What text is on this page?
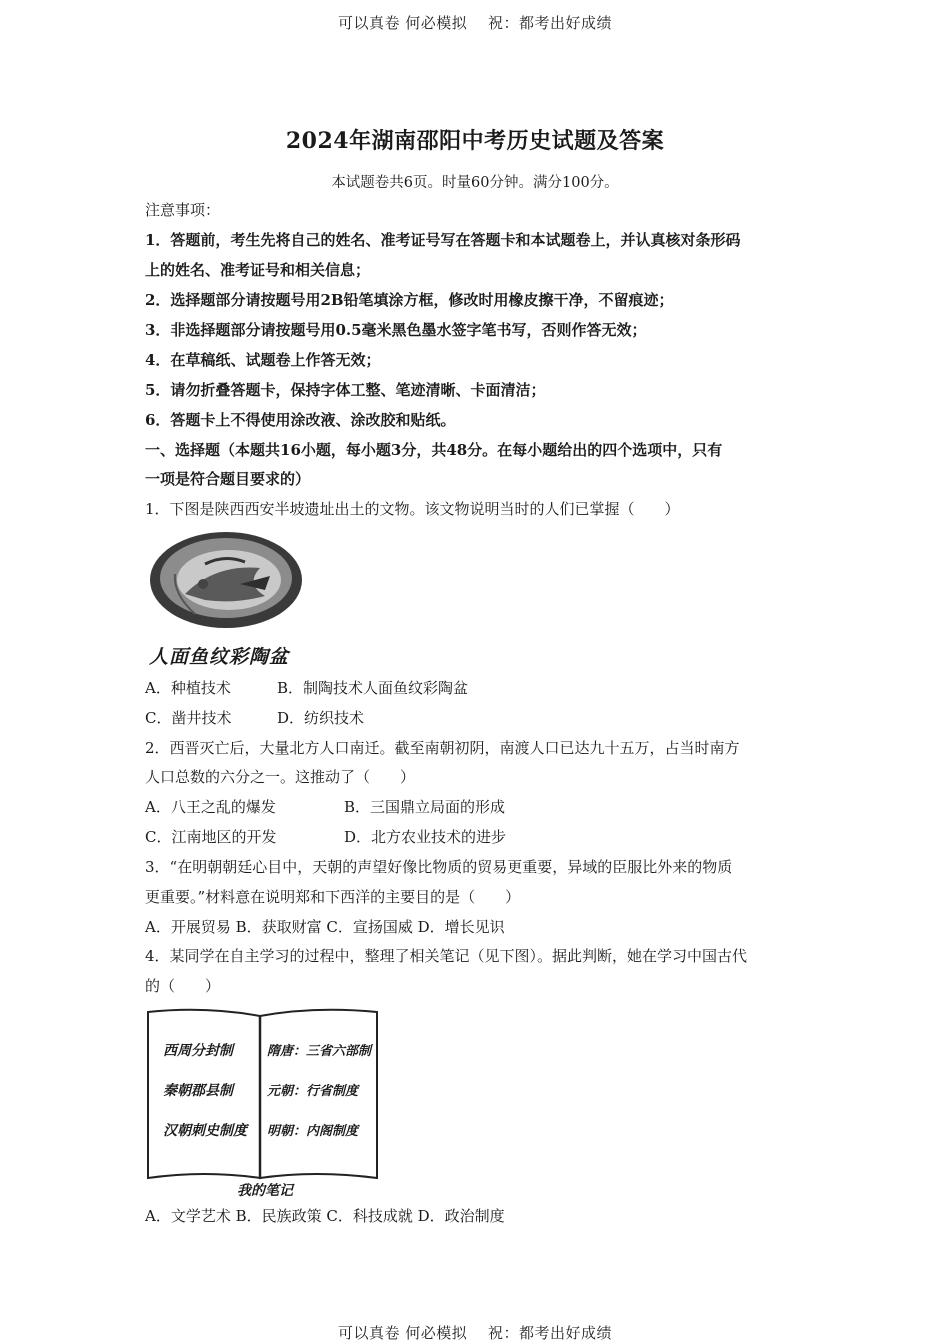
可以真卷 何必模拟　 祝：都考出好成绩
2024年湖南邵阳中考历史试题及答案
本试题卷共6页。时量60分钟。满分100分。
注意事项：
1．答题前，考生先将自己的姓名、准考证号写在答题卡和本试题卷上，并认真核对条形码
上的姓名、准考证号和相关信息；
2．选择题部分请按题号用2B铅笔填涂方框，修改时用橡皮擦干净，不留痕迹；
3．非选择题部分请按题号用0.5毫米黑色墨水签字笔书写，否则作答无效；
4．在草稿纸、试题卷上作答无效；
5．请勿折叠答题卡，保持字体工整、笔迹清晰、卡面清洁；
6．答题卡上不得使用涂改液、涂改胶和贴纸。
一、选择题（本题共16小题，每小题3分，共48分。在每小题给出的四个选项中，只有
一项是符合题目要求的）
1．下图是陕西西安半坡遗址出土的文物。该文物说明当时的人们已掌握（　　）
人面鱼纹彩陶盆
A．种植技术	B．制陶技术人面鱼纹彩陶盆
C．凿井技术	D．纺织技术
2．西晋灭亡后，大量北方人口南迁。截至南朝初阴，南渡人口已达九十五万，占当时南方
人口总数的六分之一。这推动了（　　）
A．八王之乱的爆发	B．三国鼎立局面的形成
C．江南地区的开发	D．北方农业技术的进步
3．“在明朝朝廷心目中，天朝的声望好像比物质的贸易更重要，异域的臣服比外来的物质
更重要。”材料意在说明郑和下西洋的主要目的是（　　）
A．开展贸易 B．获取财富 C．宣扬国威 D．增长见识
4．某同学在自主学习的过程中，整理了相关笔记（见下图）。据此判断，她在学习中国古代
的（　　）
西周分封制
秦朝郡县制
汉朝刺史制度
隋唐：三省六部制
元朝：行省制度
明朝：内阁制度
我的笔记
A．文学艺术 B．民族政策 C．科技成就 D．政治制度
可以真卷 何必模拟　 祝：都考出好成绩
